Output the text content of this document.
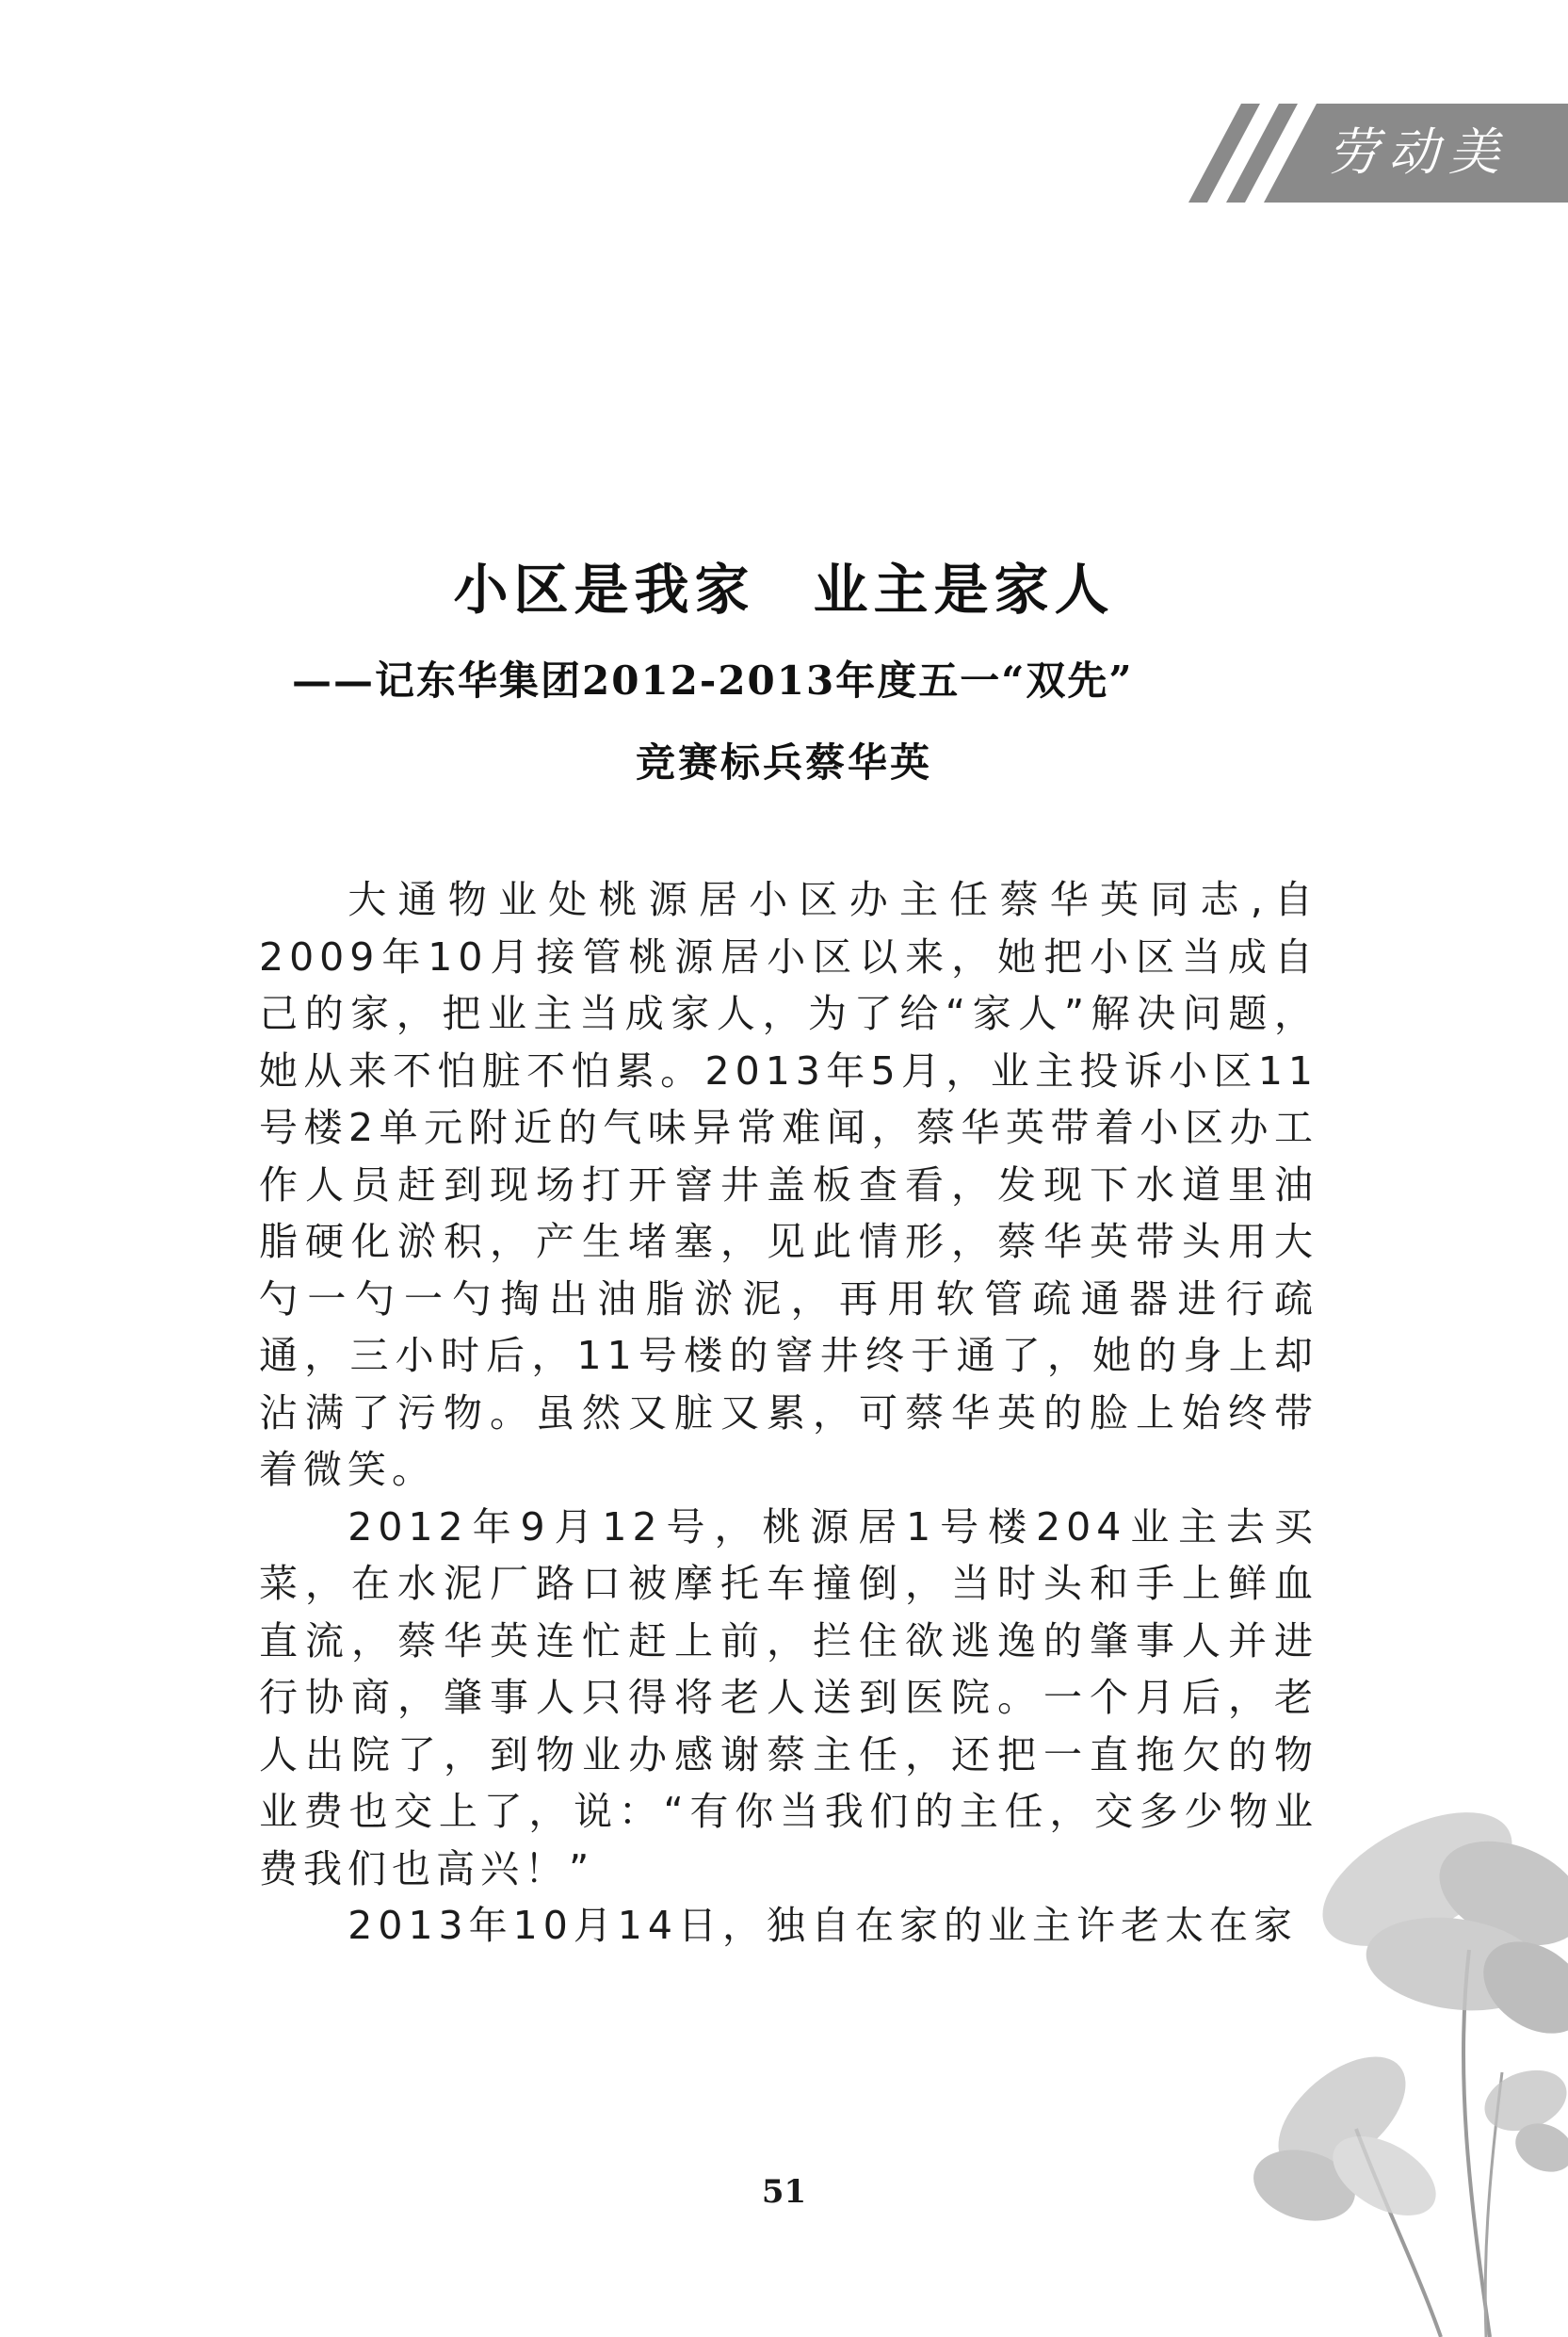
劳动美
小区是我家 业主是家人
——记东华集团2012-2013年度五一“双先”
竞赛标兵蔡华英

大通物业处桃源居小区办主任蔡华英同志,自2009年10月接管桃源居小区以来，她把小区当成自己的家，把业主当成家人，为了给“家人”解决问题，她从来不怕脏不怕累。2013年5月，业主投诉小区11号楼2单元附近的气味异常难闻，蔡华英带着小区办工作人员赶到现场打开窨井盖板查看，发现下水道里油脂硬化淤积，产生堵塞，见此情形，蔡华英带头用大勺一勺一勺掏出油脂淤泥，再用软管疏通器进行疏通，三小时后，11号楼的窨井终于通了，她的身上却沾满了污物。虽然又脏又累，可蔡华英的脸上始终带着微笑。

2012年9月12号，桃源居1号楼204业主去买菜，在水泥厂路口被摩托车撞倒，当时头和手上鲜血直流，蔡华英连忙赶上前，拦住欲逃逸的肇事人并进行协商，肇事人只得将老人送到医院。一个月后，老人出院了，到物业办感谢蔡主任，还把一直拖欠的物业费也交上了，说：“有你当我们的主任，交多少物业费我们也高兴！”

2013年10月14日，独自在家的业主许老太在家

51
